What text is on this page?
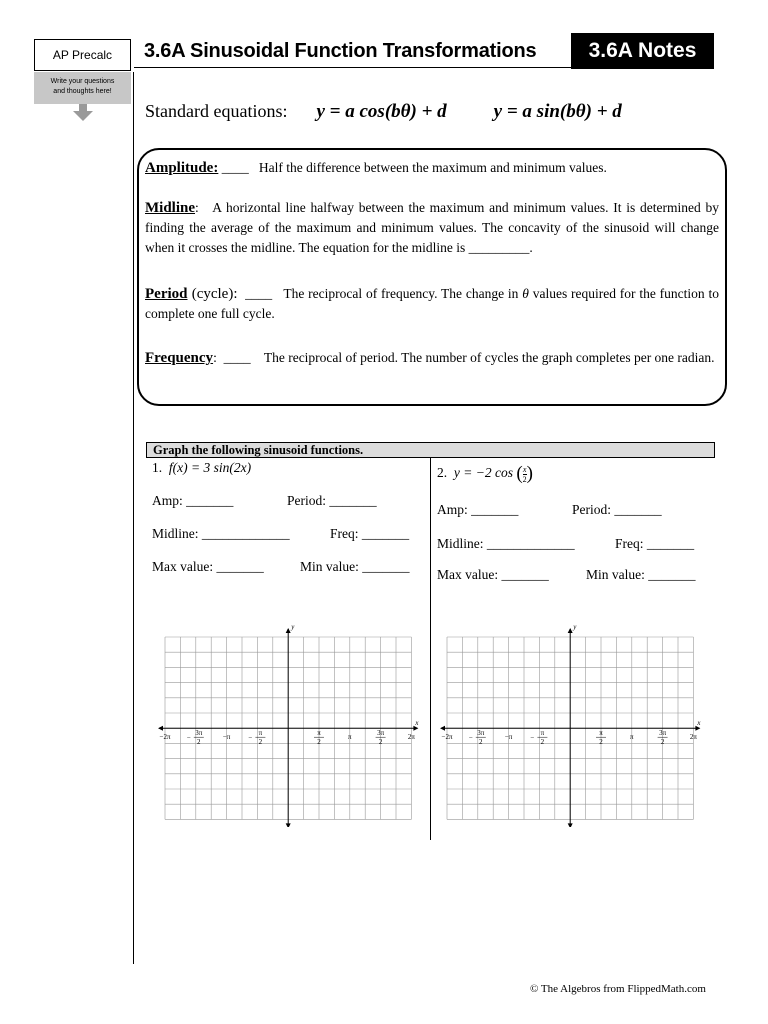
AP Precalc
Write your questions
and thoughts here!
3.6A Sinusoidal Function Transformations	3.6A Notes
Standard equations: y = a cos(bθ) + d y = a sin(bθ) + d
Amplitude: ____ Half the difference between the maximum and minimum values.
Midline: A horizontal line halfway between the maximum and minimum values. It is determined by finding the average of the maximum and minimum values. The concavity of the sinusoid will change when it crosses the midline. The equation for the midline is _________.
Period (cycle): ____ The reciprocal of frequency. The change in θ values required for the function to complete one full cycle.
Frequency: ____ The reciprocal of period. The number of cycles the graph completes per one radian.
Graph the following sinusoid functions.
1. f(x) = 3 sin(2x)
Amp: _______	Period: _______
Midline: _____________	Freq: _______
Max value: _______	Min value: _______
2. y = −2 cos ( $\frac{x}{2}$ )
Amp: _______	Period: _______
Midline: _____________	Freq: _______
Max value: _______	Min value: _______
x
y
−2π −
3π
2
−π	−
π
2
π
2
π	3π
2
2π
x
y
−2π −
3π
2
−π	−
π
2
π
2
π	3π
2
2π
© The Algebros from FlippedMath.com
